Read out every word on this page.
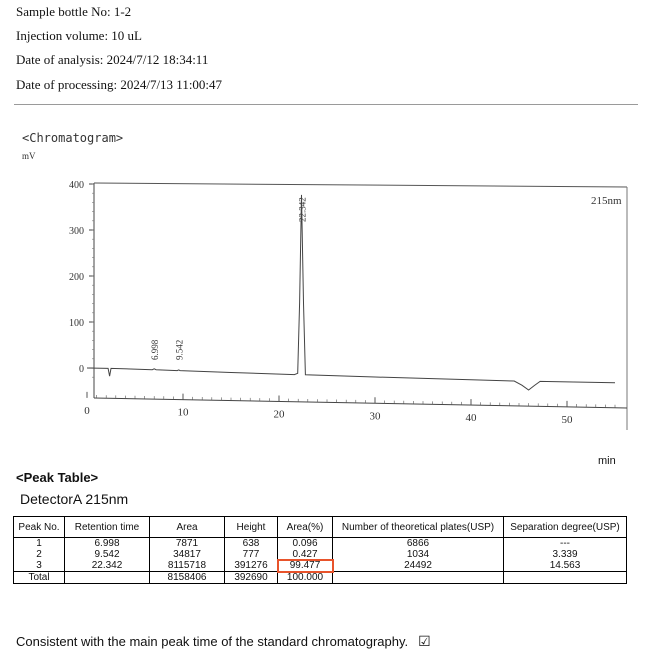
Sample bottle No: 1-2
Injection volume: 10 uL
Date of analysis: 2024/7/12 18:34:11
Date of processing: 2024/7/13 11:00:47
<Chromatogram>
mV
400
300
200
100
0
0	10	20	30	40	50
6.998 9.542
22.342	215nm
min
<Peak Table>
DetectorA 215nm
Peak No.	Retention time	Area	Height	Area(%)	Number of theoretical plates(USP)	Separation degree(USP)
1	6.998	7871	638	0.096	6866	---
2	9.542	34817	777	0.427	1034	3.339
3	22.342	8115718	391276	99.477	24492	14.563
Total		8158406	392690	100.000		
Consistent with the main peak time of the standard chromatography. ☑
